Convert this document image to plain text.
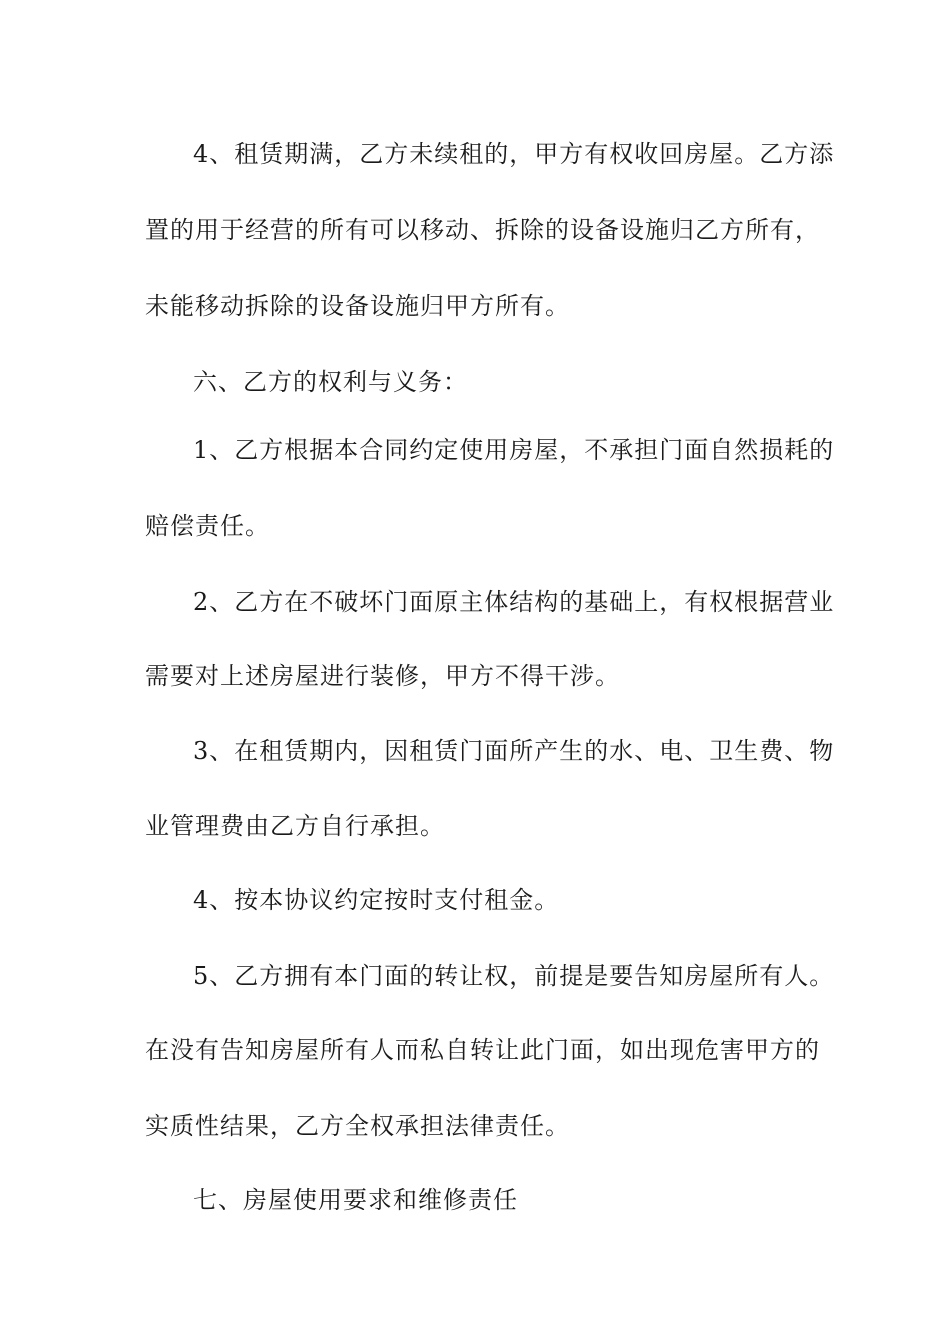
4、租赁期满，乙方未续租的，甲方有权收回房屋。乙方添
置的用于经营的所有可以移动、拆除的设备设施归乙方所有，
未能移动拆除的设备设施归甲方所有。
六、乙方的权利与义务：
1、乙方根据本合同约定使用房屋，不承担门面自然损耗的
赔偿责任。
2、乙方在不破坏门面原主体结构的基础上，有权根据营业
需要对上述房屋进行装修，甲方不得干涉。
3、在租赁期内，因租赁门面所产生的水、电、卫生费、物
业管理费由乙方自行承担。
4、按本协议约定按时支付租金。
5、乙方拥有本门面的转让权，前提是要告知房屋所有人。
在没有告知房屋所有人而私自转让此门面，如出现危害甲方的
实质性结果，乙方全权承担法律责任。
七、房屋使用要求和维修责任
